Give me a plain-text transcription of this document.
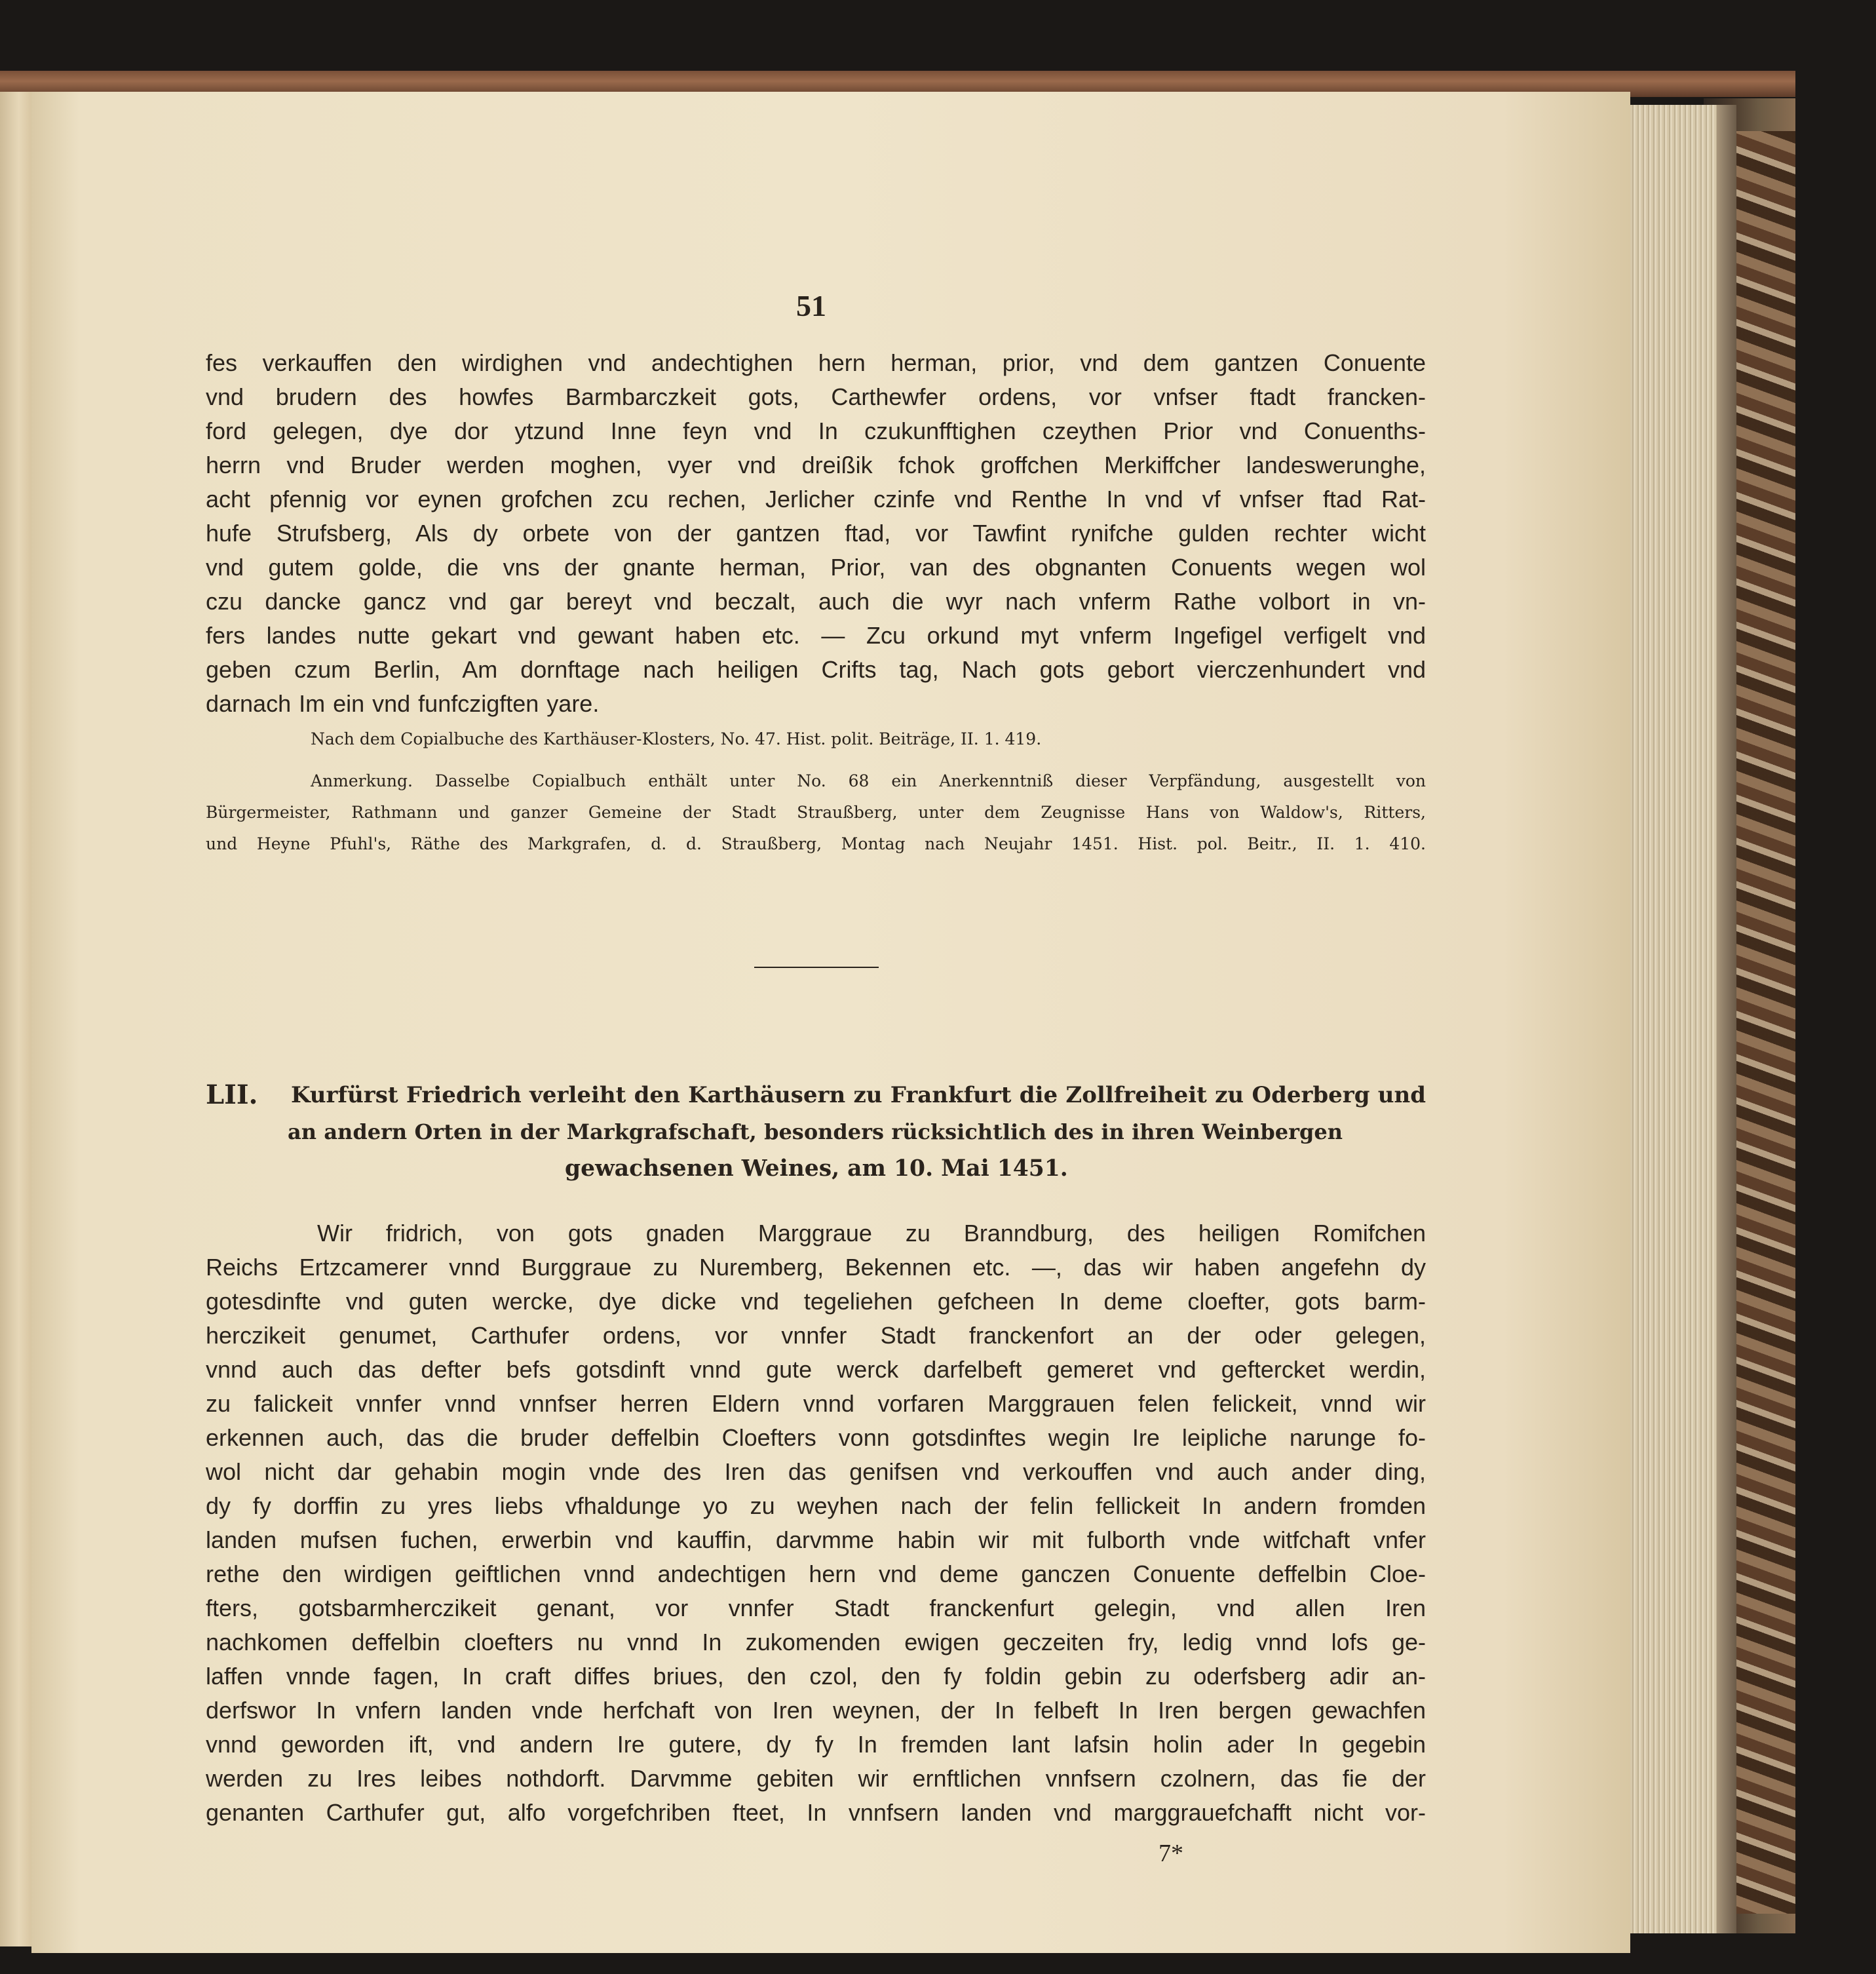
51
fes verkauffen den wirdighen vnd andechtighen hern herman, prior, vnd dem gantzen Conuente
vnd brudern des howfes Barmbarczkeit gots, Carthewfer ordens, vor vnfser ftadt francken-
ford gelegen, dye dor ytzund Inne feyn vnd In czukunfftighen czeythen Prior vnd Conuenths-
herrn vnd Bruder werden moghen, vyer vnd dreißik fchok groffchen Merkiffcher landeswerunghe,
acht pfennig vor eynen grofchen zcu rechen, Jerlicher czinfe vnd Renthe In vnd vf vnfser ftad Rat-
hufe Strufsberg, Als dy orbete von der gantzen ftad, vor Tawfint rynifche gulden rechter wicht
vnd gutem golde, die vns der gnante herman, Prior, van des obgnanten Conuents wegen wol
czu dancke gancz vnd gar bereyt vnd beczalt, auch die wyr nach vnferm Rathe volbort in vn-
fers landes nutte gekart vnd gewant haben etc. — Zcu orkund myt vnferm Ingefigel verfigelt vnd
geben czum Berlin, Am dornftage nach heiligen Crifts tag, Nach gots gebort vierczenhundert vnd
darnach Im ein vnd funfczigften yare.
Nach dem Copialbuche des Karthäuser-Klosters, No. 47. Hist. polit. Beiträge, II. 1. 419.
Anmerkung. Dasselbe Copialbuch enthält unter No. 68 ein Anerkenntniß dieser Verpfändung, ausgestellt von
Bürgermeister, Rathmann und ganzer Gemeine der Stadt Straußberg, unter dem Zeugnisse Hans von Waldow's, Ritters,
und Heyne Pfuhl's, Räthe des Markgrafen, d. d. Straußberg, Montag nach Neujahr 1451. Hist. pol. Beitr., II. 1. 410.
LII. Kurfürst Friedrich verleiht den Karthäusern zu Frankfurt die Zollfreiheit zu Oderberg und
an andern Orten in der Markgrafschaft, besonders rücksichtlich des in ihren Weinbergen
gewachsenen Weines, am 10. Mai 1451.
Wir fridrich, von gots gnaden Marggraue zu Branndburg, des heiligen Romifchen
Reichs Ertzcamerer vnnd Burggraue zu Nuremberg, Bekennen etc. —, das wir haben angefehn dy
gotesdinfte vnd guten wercke, dye dicke vnd tegeliehen gefcheen In deme cloefter, gots barm-
herczikeit genumet, Carthufer ordens, vor vnnfer Stadt franckenfort an der oder gelegen,
vnnd auch das defter befs gotsdinft vnnd gute werck darfelbeft gemeret vnd geftercket werdin,
zu falickeit vnnfer vnnd vnnfser herren Eldern vnnd vorfaren Marggrauen felen felickeit, vnnd wir
erkennen auch, das die bruder deffelbin Cloefters vonn gotsdinftes wegin Ire leipliche narunge fo-
wol nicht dar gehabin mogin vnde des Iren das genifsen vnd verkouffen vnd auch ander ding,
dy fy dorffin zu yres liebs vfhaldunge yo zu weyhen nach der felin fellickeit In andern fromden
landen mufsen fuchen, erwerbin vnd kauffin, darvmme habin wir mit fulborth vnde witfchaft vnfer
rethe den wirdigen geiftlichen vnnd andechtigen hern vnd deme ganczen Conuente deffelbin Cloe-
fters, gotsbarmherczikeit genant, vor vnnfer Stadt franckenfurt gelegin, vnd allen Iren
nachkomen deffelbin cloefters nu vnnd In zukomenden ewigen geczeiten fry, ledig vnnd lofs ge-
laffen vnnde fagen, In craft diffes briues, den czol, den fy foldin gebin zu oderfsberg adir an-
derfswor In vnfern landen vnde herfchaft von Iren weynen, der In felbeft In Iren bergen gewachfen
vnnd geworden ift, vnd andern Ire gutere, dy fy In fremden lant lafsin holin ader In gegebin
werden zu Ires leibes nothdorft. Darvmme gebiten wir ernftlichen vnnfsern czolnern, das fie der
genanten Carthufer gut, alfo vorgefchriben fteet, In vnnfsern landen vnd marggrauefchafft nicht vor-
7*
